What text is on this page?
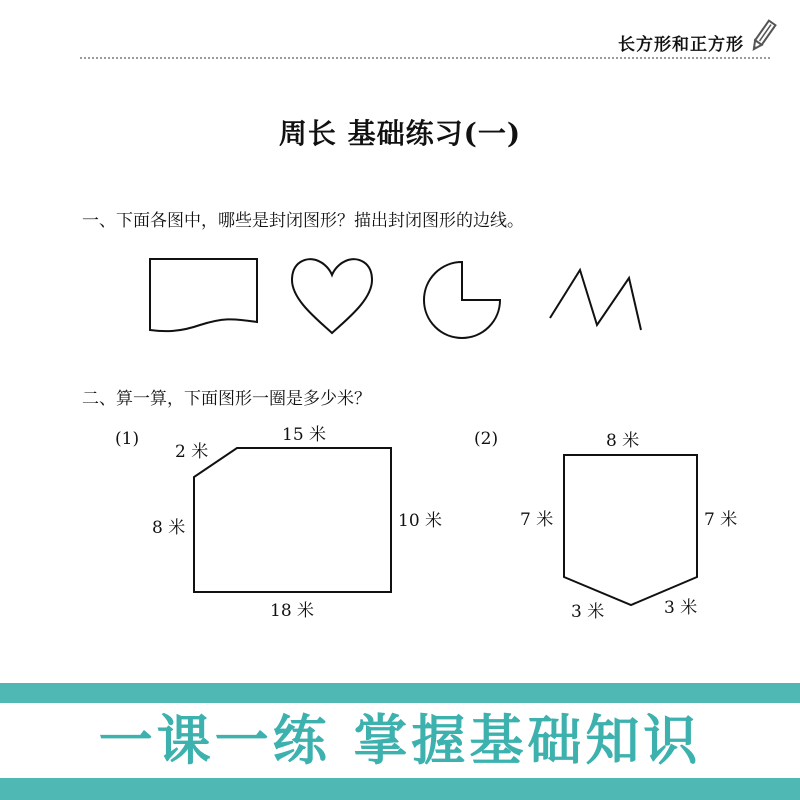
长方形和正方形
周长 基础练习(一)
一、下面各图中，哪些是封闭图形？描出封闭图形的边线。
二、算一算，下面图形一圈是多少米？
(1)	15 米
2 米
8 米	10 米
18 米
(2)	8 米
7 米	7 米
3 米	3 米
一课一练 掌握基础知识
